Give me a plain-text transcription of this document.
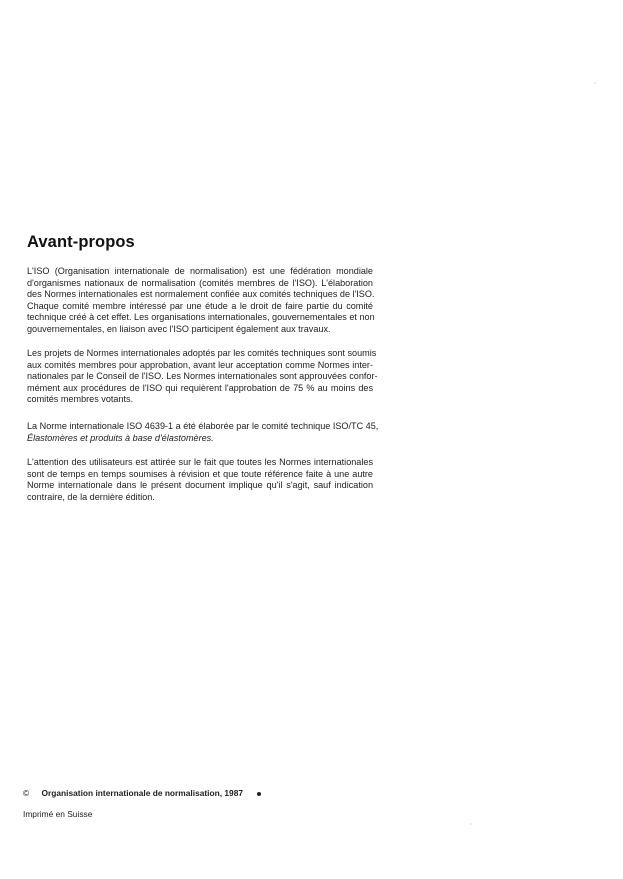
Avant-propos
L'ISO (Organisation internationale de normalisation) est une fédération mondiale
d'organismes nationaux de normalisation (comités membres de l'ISO). L'élaboration
des Normes internationales est normalement confiée aux comités techniques de l'ISO.
Chaque comité membre intéressé par une étude a le droit de faire partie du comité
technique créé à cet effet. Les organisations internationales, gouvernementales et non
gouvernementales, en liaison avec l'ISO participent également aux travaux.
Les projets de Normes internationales adoptés par les comités techniques sont soumis
aux comités membres pour approbation, avant leur acceptation comme Normes inter-
nationales par le Conseil de l'ISO. Les Normes internationales sont approuvées confor-
mément aux procédures de l'ISO qui requièrent l'approbation de 75 % au moins des
comités membres votants.
La Norme internationale ISO 4639-1 a été élaborée par le comité technique ISO/TC 45,
Élastomères et produits à base d'élastomères.
L'attention des utilisateurs est attirée sur le fait que toutes les Normes internationales
sont de temps en temps soumises à révision et que toute référence faite à une autre
Norme internationale dans le présent document implique qu'il s'agit, sauf indication
contraire, de la dernière édition.
© Organisation internationale de normalisation, 1987
Imprimé en Suisse
